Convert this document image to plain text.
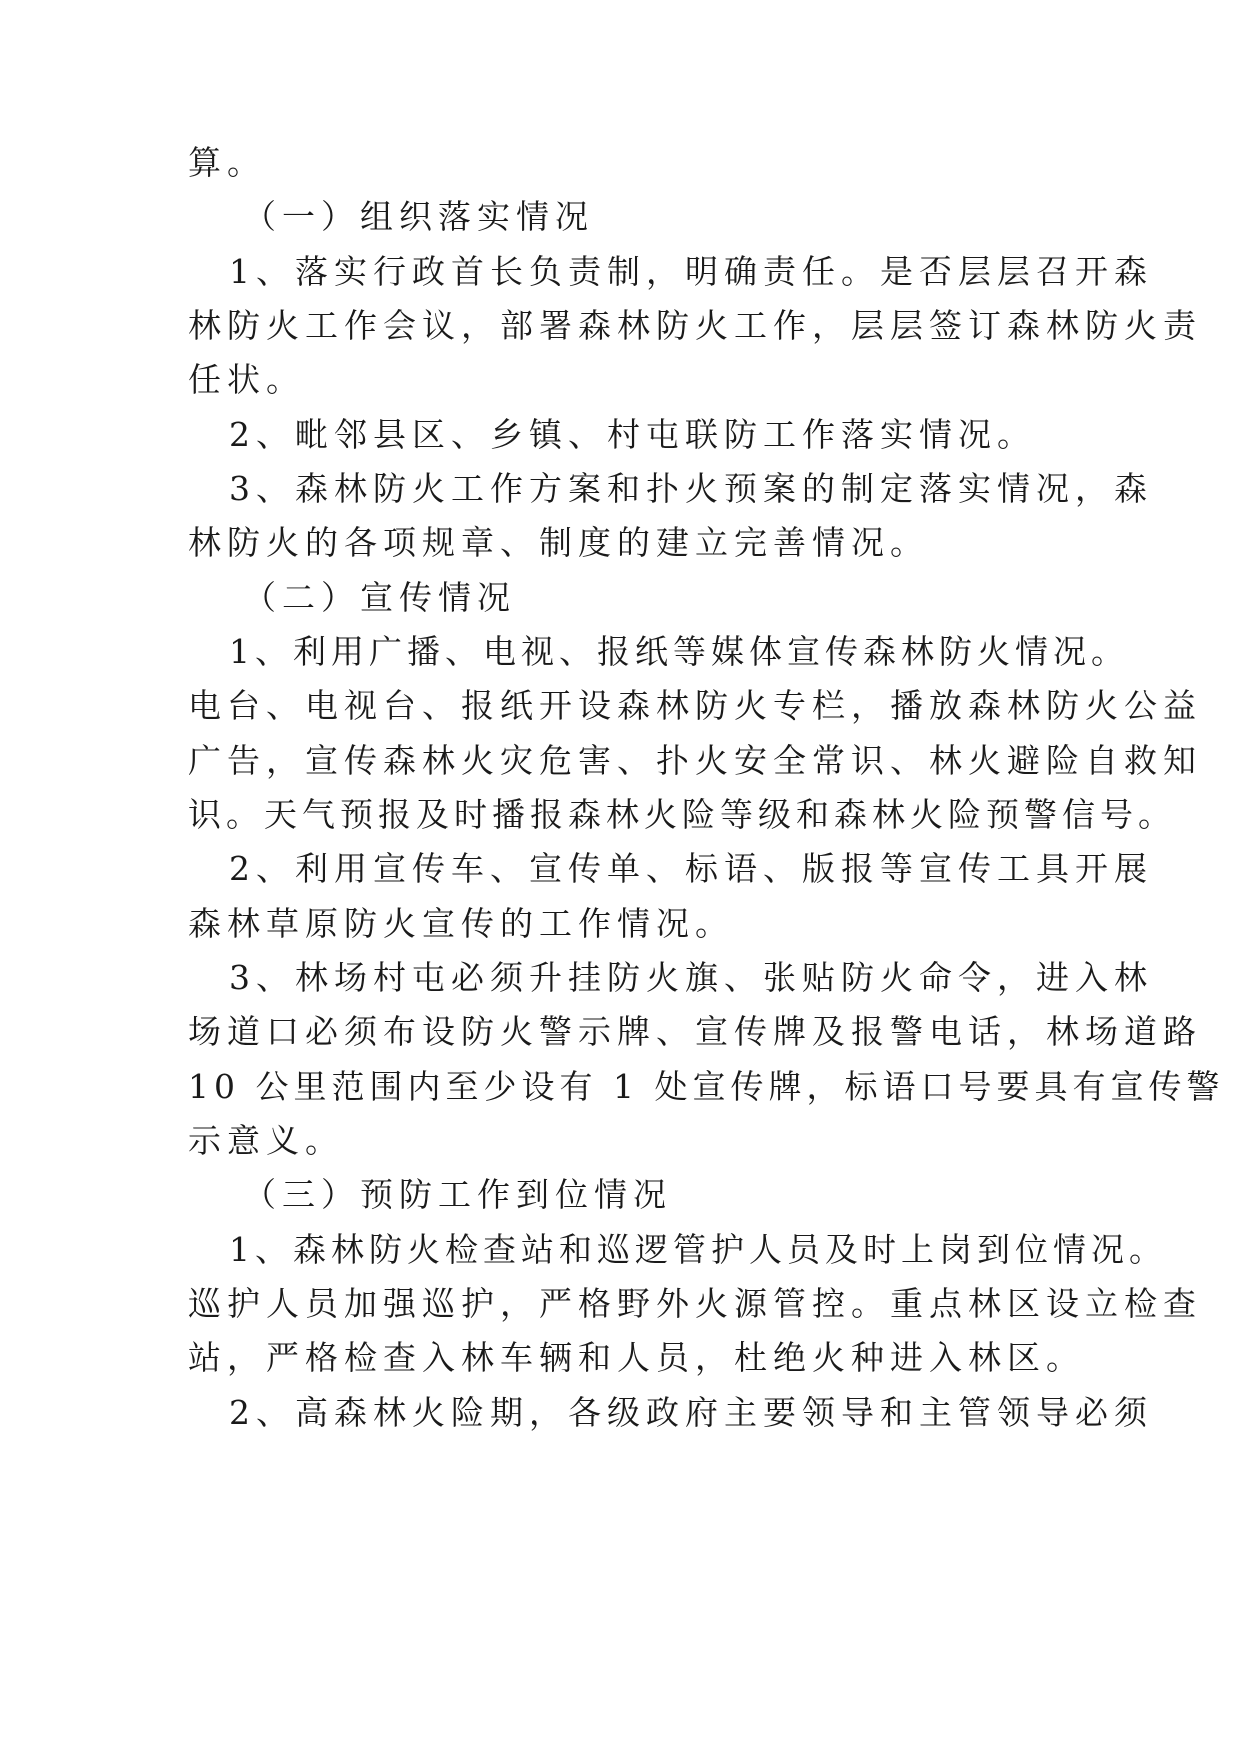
算。
（一）组织落实情况
1、落实行政首长负责制，明确责任。是否层层召开森
林防火工作会议，部署森林防火工作，层层签订森林防火责
任状。
2、毗邻县区、乡镇、村屯联防工作落实情况。
3、森林防火工作方案和扑火预案的制定落实情况，森
林防火的各项规章、制度的建立完善情况。
（二）宣传情况
1、利用广播、电视、报纸等媒体宣传森林防火情况。
电台、电视台、报纸开设森林防火专栏，播放森林防火公益
广告，宣传森林火灾危害、扑火安全常识、林火避险自救知
识。天气预报及时播报森林火险等级和森林火险预警信号。
2、利用宣传车、宣传单、标语、版报等宣传工具开展
森林草原防火宣传的工作情况。
3、林场村屯必须升挂防火旗、张贴防火命令，进入林
场道口必须布设防火警示牌、宣传牌及报警电话，林场道路
10 公里范围内至少设有 1 处宣传牌，标语口号要具有宣传警
示意义。
（三）预防工作到位情况
1、森林防火检查站和巡逻管护人员及时上岗到位情况。
巡护人员加强巡护，严格野外火源管控。重点林区设立检查
站，严格检查入林车辆和人员，杜绝火种进入林区。
2、高森林火险期，各级政府主要领导和主管领导必须
